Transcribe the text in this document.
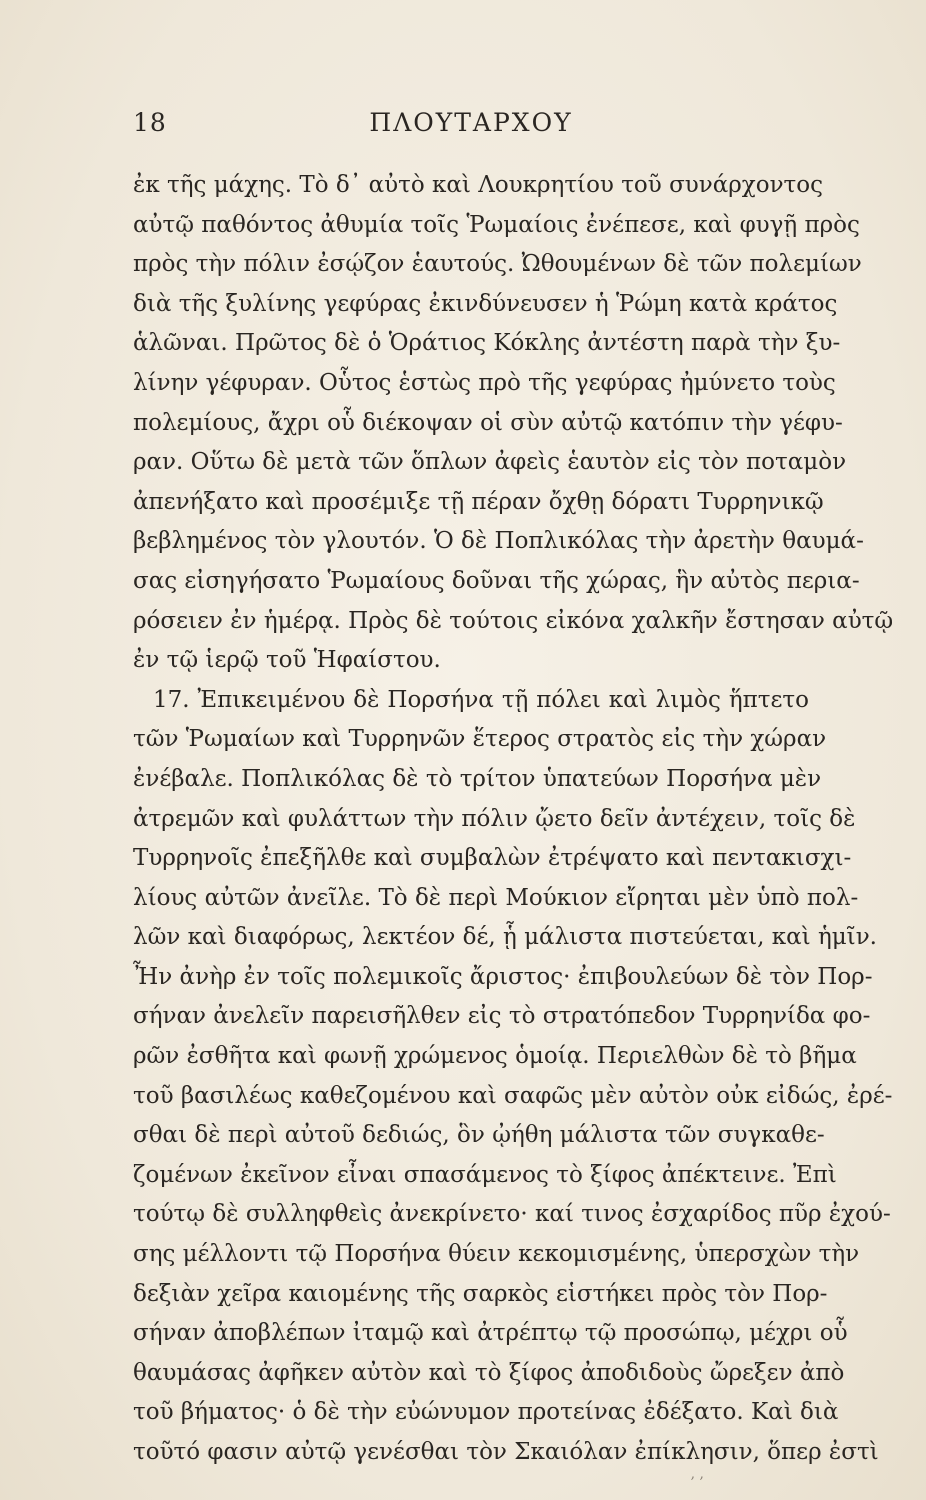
18	ΠΛΟΥΤΑΡΧΟΥ
ἐκ τῆς μάχης. Τὸ δ᾽ αὐτὸ καὶ Λουκρητίου τοῦ συνάρχοντος
αὐτῷ παθόντος ἀθυμία τοῖς Ῥωμαίοις ἐνέπεσε, καὶ φυγῇ πρὸς
πρὸς τὴν πόλιν ἐσῴζον ἑαυτούς. Ὠθουμένων δὲ τῶν πολεμίων
διὰ τῆς ξυλίνης γεφύρας ἐκινδύνευσεν ἡ Ῥώμη κατὰ κράτος
ἁλῶναι. Πρῶτος δὲ ὁ Ὁράτιος Κόκλης ἀντέστη παρὰ τὴν ξυ-
λίνην γέφυραν. Οὗτος ἑστὼς πρὸ τῆς γεφύρας ἠμύνετο τοὺς
πολεμίους, ἄχρι οὗ διέκοψαν οἱ σὺν αὐτῷ κατόπιν τὴν γέφυ-
ραν. Οὕτω δὲ μετὰ τῶν ὅπλων ἀφεὶς ἑαυτὸν εἰς τὸν ποταμὸν
ἀπενήξατο καὶ προσέμιξε τῇ πέραν ὄχθῃ δόρατι Τυρρηνικῷ
βεβλημένος τὸν γλουτόν. Ὁ δὲ Ποπλικόλας τὴν ἀρετὴν θαυμά-
σας εἰσηγήσατο Ῥωμαίους δοῦναι τῆς χώρας, ἣν αὐτὸς περια-
ρόσειεν ἐν ἡμέρᾳ. Πρὸς δὲ τούτοις εἰκόνα χαλκῆν ἔστησαν αὐτῷ
ἐν τῷ ἱερῷ τοῦ Ἡφαίστου.
17. Ἐπικειμένου δὲ Πορσήνα τῇ πόλει καὶ λιμὸς ἥπτετο
τῶν Ῥωμαίων καὶ Τυρρηνῶν ἕτερος στρατὸς εἰς τὴν χώραν
ἐνέβαλε. Ποπλικόλας δὲ τὸ τρίτον ὑπατεύων Πορσήνα μὲν
ἀτρεμῶν καὶ φυλάττων τὴν πόλιν ᾤετο δεῖν ἀντέχειν, τοῖς δὲ
Τυρρηνοῖς ἐπεξῆλθε καὶ συμβαλὼν ἐτρέψατο καὶ πεντακισχι-
λίους αὐτῶν ἀνεῖλε. Τὸ δὲ περὶ Μούκιον εἴρηται μὲν ὑπὸ πολ-
λῶν καὶ διαφόρως, λεκτέον δέ, ᾗ μάλιστα πιστεύεται, καὶ ἡμῖν.
Ἦν ἀνὴρ ἐν τοῖς πολεμικοῖς ἄριστος· ἐπιβουλεύων δὲ τὸν Πορ-
σήναν ἀνελεῖν παρεισῆλθεν εἰς τὸ στρατόπεδον Τυρρηνίδα φο-
ρῶν ἐσθῆτα καὶ φωνῇ χρώμενος ὁμοίᾳ. Περιελθὼν δὲ τὸ βῆμα
τοῦ βασιλέως καθεζομένου καὶ σαφῶς μὲν αὐτὸν οὐκ εἰδώς, ἐρέ-
σθαι δὲ περὶ αὐτοῦ δεδιώς, ὃν ᾠήθη μάλιστα τῶν συγκαθε-
ζομένων ἐκεῖνον εἶναι σπασάμενος τὸ ξίφος ἀπέκτεινε. Ἐπὶ
τούτῳ δὲ συλληφθεὶς ἀνεκρίνετο· καί τινος ἐσχαρίδος πῦρ ἐχού-
σης μέλλοντι τῷ Πορσήνα θύειν κεκομισμένης, ὑπερσχὼν τὴν
δεξιὰν χεῖρα καιομένης τῆς σαρκὸς εἱστήκει πρὸς τὸν Πορ-
σήναν ἀποβλέπων ἰταμῷ καὶ ἀτρέπτῳ τῷ προσώπῳ, μέχρι οὗ
θαυμάσας ἀφῆκεν αὐτὸν καὶ τὸ ξίφος ἀποδιδοὺς ὤρεξεν ἀπὸ
τοῦ βήματος· ὁ δὲ τὴν εὐώνυμον προτείνας ἐδέξατο. Καὶ διὰ
τοῦτό φασιν αὐτῷ γενέσθαι τὸν Σκαιόλαν ἐπίκλησιν, ὅπερ ἐστὶ
, ,
